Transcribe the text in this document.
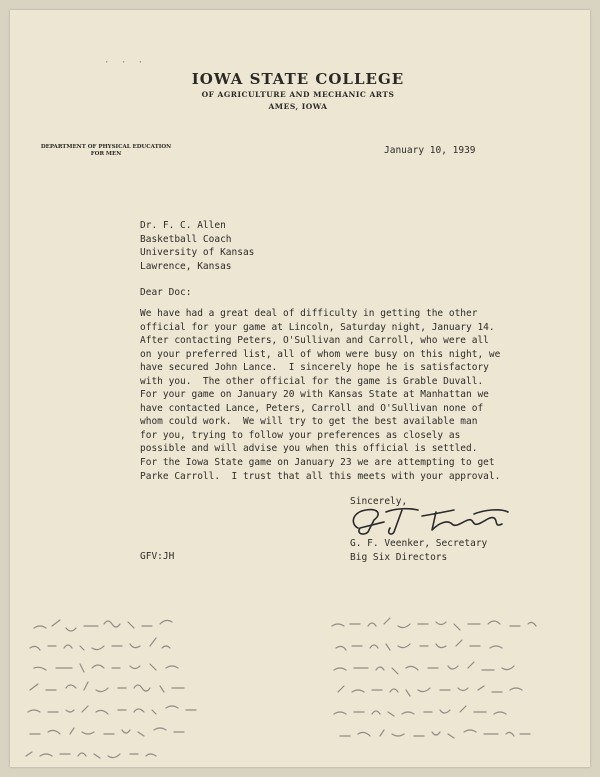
· · ·
IOWA STATE COLLEGE
OF AGRICULTURE AND MECHANIC ARTS
AMES, IOWA
DEPARTMENT OF PHYSICAL EDUCATION
FOR MEN	January 10, 1939
Dr. F. C. Allen
Basketball Coach
University of Kansas
Lawrence, Kansas
Dear Doc:
We have had a great deal of difficulty in getting the other
official for your game at Lincoln, Saturday night, January 14.
After contacting Peters, O'Sullivan and Carroll, who were all
on your preferred list, all of whom were busy on this night, we
have secured John Lance.  I sincerely hope he is satisfactory
with you.  The other official for the game is Grable Duvall.
For your game on January 20 with Kansas State at Manhattan we
have contacted Lance, Peters, Carroll and O'Sullivan none of
whom could work.  We will try to get the best available man
for you, trying to follow your preferences as closely as
possible and will advise you when this official is settled.
For the Iowa State game on January 23 we are attempting to get
Parke Carroll.  I trust that all this meets with your approval.
Sincerely,
G. F. Veenker, Secretary
Big Six Directors
GFV:JH
